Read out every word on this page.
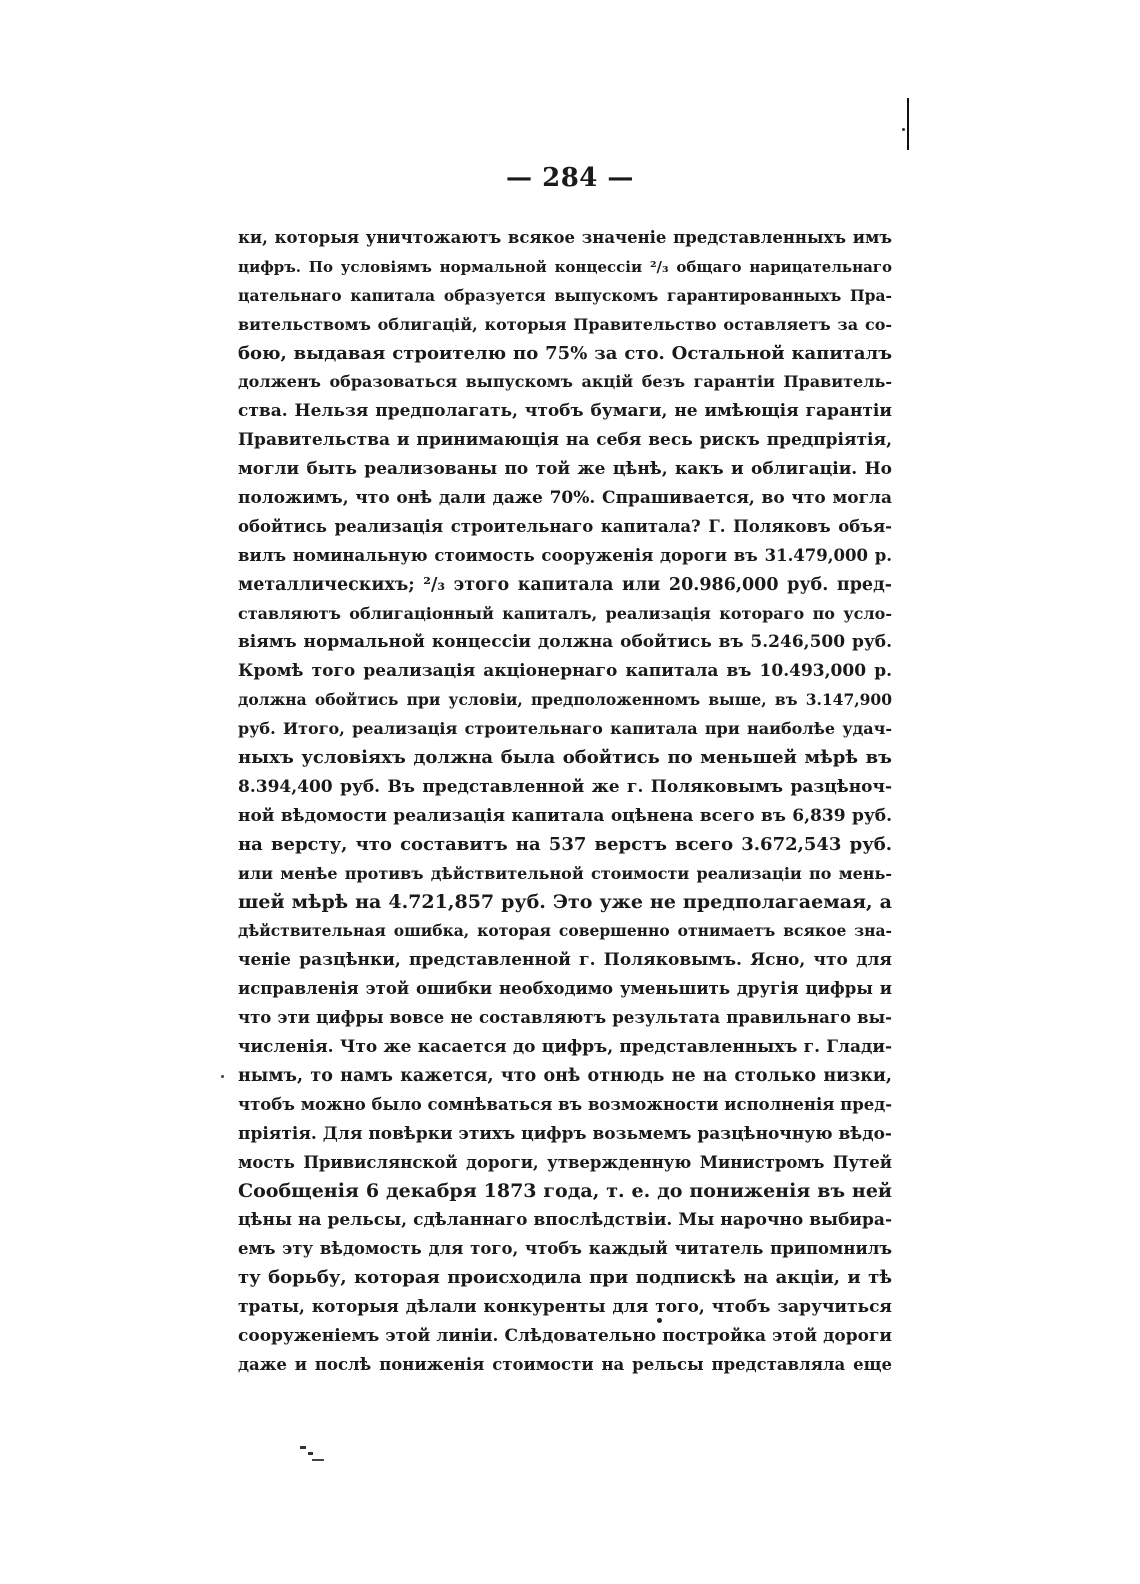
— 284 —
ки, которыя уничтожаютъ всякое значеніе представленныхъ имъ
цифръ. По условіямъ нормальной концессіи ²/₃ общаго нарицательнаго
цательнаго капитала образуется выпускомъ гарантированныхъ Пра-
вительствомъ облигацій, которыя Правительство оставляетъ за со-
бою, выдавая строителю по 75% за сто. Остальной капиталъ
долженъ образоваться выпускомъ акцій безъ гарантіи Правитель-
ства. Нельзя предполагать, чтобъ бумаги, не имѣющія гарантіи
Правительства и принимающія на себя весь рискъ предпріятія,
могли быть реализованы по той же цѣнѣ, какъ и облигаціи. Но
положимъ, что онѣ дали даже 70%. Спрашивается, во что могла
обойтись реализація строительнаго капитала? Г. Поляковъ объя-
вилъ номинальную стоимость сооруженія дороги въ 31.479,000 р.
металлическихъ; ²/₃ этого капитала или 20.986,000 руб. пред-
ставляютъ облигаціонный капиталъ, реализація котораго по усло-
віямъ нормальной концессіи должна обойтись въ 5.246,500 руб.
Кромѣ того реализація акціонернаго капитала въ 10.493,000 р.
должна обойтись при условіи, предположенномъ выше, въ 3.147,900
руб. Итого, реализація строительнаго капитала при наиболѣе удач-
ныхъ условіяхъ должна была обойтись по меньшей мѣрѣ въ
8.394,400 руб. Въ представленной же г. Поляковымъ разцѣноч-
ной вѣдомости реализація капитала оцѣнена всего въ 6,839 руб.
на версту, что составитъ на 537 верстъ всего 3.672,543 руб.
или менѣе противъ дѣйствительной стоимости реализаціи по мень-
шей мѣрѣ на 4.721,857 руб. Это уже не предполагаемая, а
дѣйствительная ошибка, которая совершенно отнимаетъ всякое зна-
ченіе разцѣнки, представленной г. Поляковымъ. Ясно, что для
исправленія этой ошибки необходимо уменьшить другія цифры и
что эти цифры вовсе не составляютъ результата правильнаго вы-
численія. Что же касается до цифръ, представленныхъ г. Глади-
нымъ, то намъ кажется, что онѣ отнюдь не на столько низки,
чтобъ можно было сомнѣваться въ возможности исполненія пред-
пріятія. Для повѣрки этихъ цифръ возьмемъ разцѣночную вѣдо-
мость Привислянской дороги, утвержденную Министромъ Путей
Сообщенія 6 декабря 1873 года, т. е. до пониженія въ ней
цѣны на рельсы, сдѣланнаго впослѣдствіи. Мы нарочно выбира-
емъ эту вѣдомость для того, чтобъ каждый читатель припомнилъ
ту борьбу, которая происходила при подпискѣ на акціи, и тѣ
траты, которыя дѣлали конкуренты для того, чтобъ заручиться
сооруженіемъ этой линіи. Слѣдовательно постройка этой дороги
даже и послѣ пониженія стоимости на рельсы представляла еще
